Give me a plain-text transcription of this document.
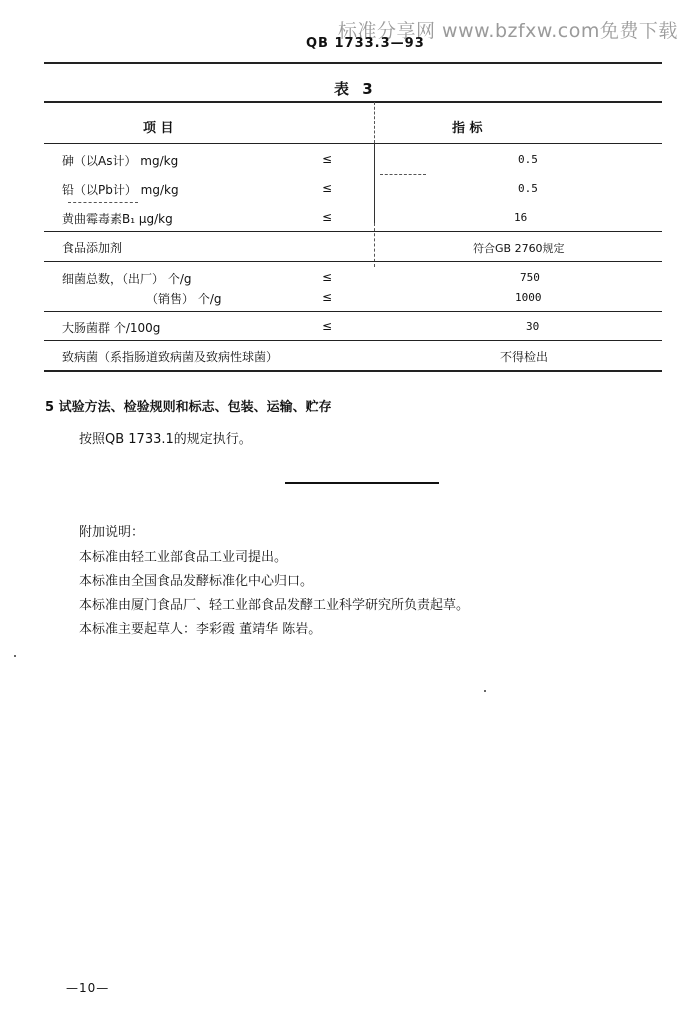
标准分享网 www.bzfxw.com免费下载
QB 1733.3—93
表 3
项 目	指 标
砷（以As计） mg/kg	≤	0.5
铅（以Pb计） mg/kg	≤	0.5
黄曲霉毒素B₁ μg/kg	≤	16
食品添加剂	符合GB 2760规定
细菌总数，（出厂） 个/g	≤	750
（销售） 个/g	≤	1000
大肠菌群 个/100g	≤	30
致病菌（系指肠道致病菌及致病性球菌）	不得检出
5 试验方法、检验规则和标志、包装、运输、贮存
按照QB 1733.1的规定执行。
附加说明：
本标准由轻工业部食品工业司提出。
本标准由全国食品发酵标准化中心归口。
本标准由厦门食品厂、轻工业部食品发酵工业科学研究所负责起草。
本标准主要起草人：李彩霞 董靖华 陈岩。
—10—
